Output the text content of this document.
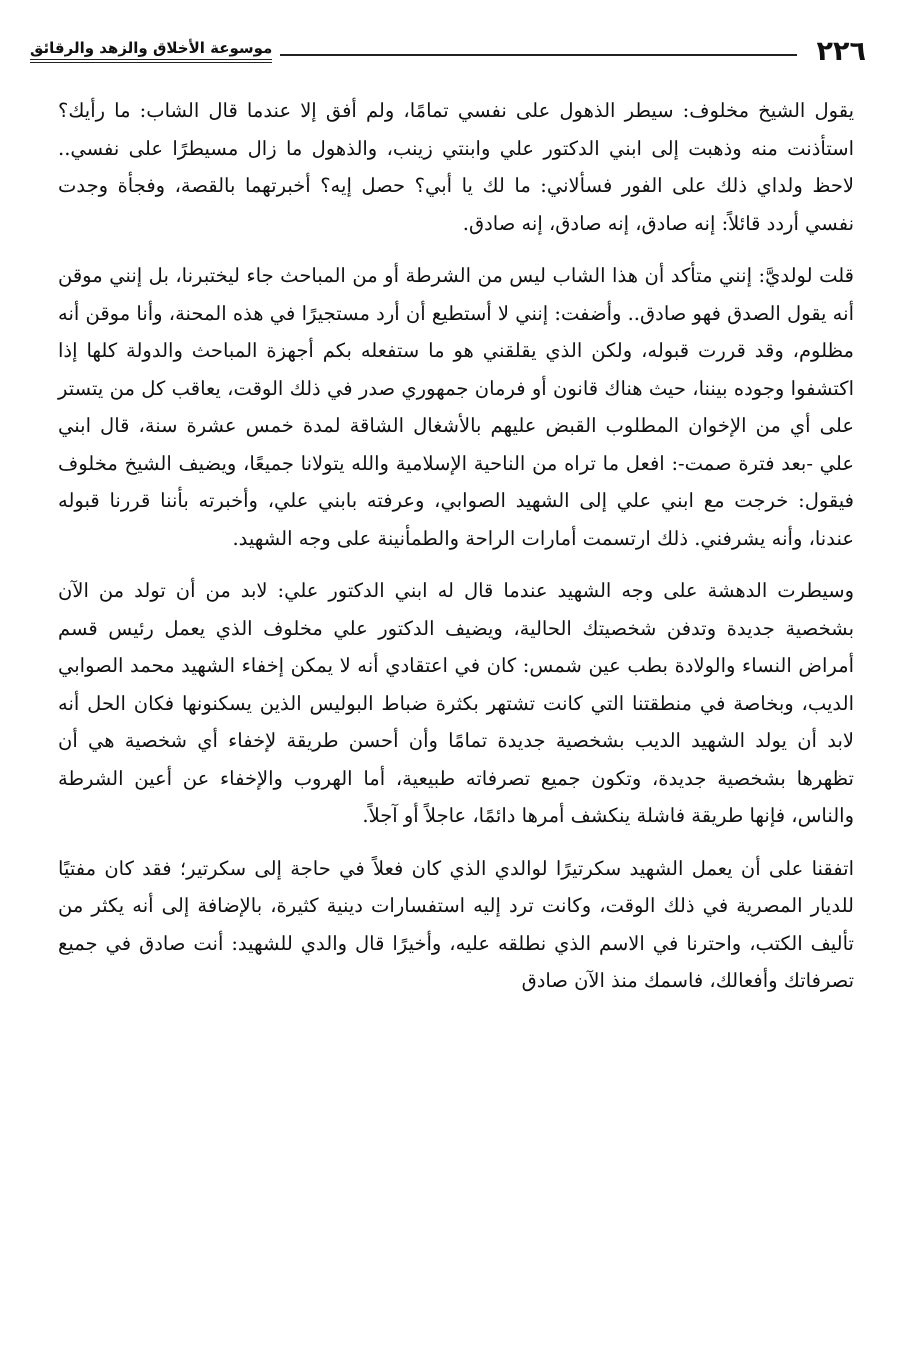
٢٢٦
موسوعة الأخلاق والزهد والرقائق

يقول الشيخ مخلوف: سيطر الذهول على نفسي تمامًا، ولم أفق إلا عندما قال الشاب: ما رأيك؟ استأذنت منه وذهبت إلى ابني الدكتور علي وابنتي زينب، والذهول ما زال مسيطرًا على نفسي.. لاحظ ولداي ذلك على الفور فسألاني: ما لك يا أبي؟ حصل إيه؟ أخبرتهما بالقصة، وفجأة وجدت نفسي أردد قائلاً: إنه صادق، إنه صادق، إنه صادق.

قلت لولديَّ: إنني متأكد أن هذا الشاب ليس من الشرطة أو من المباحث جاء ليختبرنا، بل إنني موقن أنه يقول الصدق فهو صادق.. وأضفت: إنني لا أستطيع أن أرد مستجيرًا في هذه المحنة، وأنا موقن أنه مظلوم، وقد قررت قبوله، ولكن الذي يقلقني هو ما ستفعله بكم أجهزة المباحث والدولة كلها إذا اكتشفوا وجوده بيننا، حيث هناك قانون أو فرمان جمهوري صدر في ذلك الوقت، يعاقب كل من يتستر على أي من الإخوان المطلوب القبض عليهم بالأشغال الشاقة لمدة خمس عشرة سنة، قال ابني علي -بعد فترة صمت-: افعل ما تراه من الناحية الإسلامية والله يتولانا جميعًا، ويضيف الشيخ مخلوف فيقول: خرجت مع ابني علي إلى الشهيد الصوابي، وعرفته بابني علي، وأخبرته بأننا قررنا قبوله عندنا، وأنه يشرفني. ذلك ارتسمت أمارات الراحة والطمأنينة على وجه الشهيد.

وسيطرت الدهشة على وجه الشهيد عندما قال له ابني الدكتور علي: لابد من أن تولد من الآن بشخصية جديدة وتدفن شخصيتك الحالية، ويضيف الدكتور علي مخلوف الذي يعمل رئيس قسم أمراض النساء والولادة بطب عين شمس: كان في اعتقادي أنه لا يمكن إخفاء الشهيد محمد الصوابي الديب، وبخاصة في منطقتنا التي كانت تشتهر بكثرة ضباط البوليس الذين يسكنونها فكان الحل أنه لابد أن يولد الشهيد الديب بشخصية جديدة تمامًا وأن أحسن طريقة لإخفاء أي شخصية هي أن تظهرها بشخصية جديدة، وتكون جميع تصرفاته طبيعية، أما الهروب والإخفاء عن أعين الشرطة والناس، فإنها طريقة فاشلة ينكشف أمرها دائمًا، عاجلاً أو آجلاً.

اتفقنا على أن يعمل الشهيد سكرتيرًا لوالدي الذي كان فعلاً في حاجة إلى سكرتير؛ فقد كان مفتيًا للديار المصرية في ذلك الوقت، وكانت ترد إليه استفسارات دينية كثيرة، بالإضافة إلى أنه يكثر من تأليف الكتب، واحترنا في الاسم الذي نطلقه عليه، وأخيرًا قال والدي للشهيد: أنت صادق في جميع تصرفاتك وأفعالك، فاسمك منذ الآن صادق
